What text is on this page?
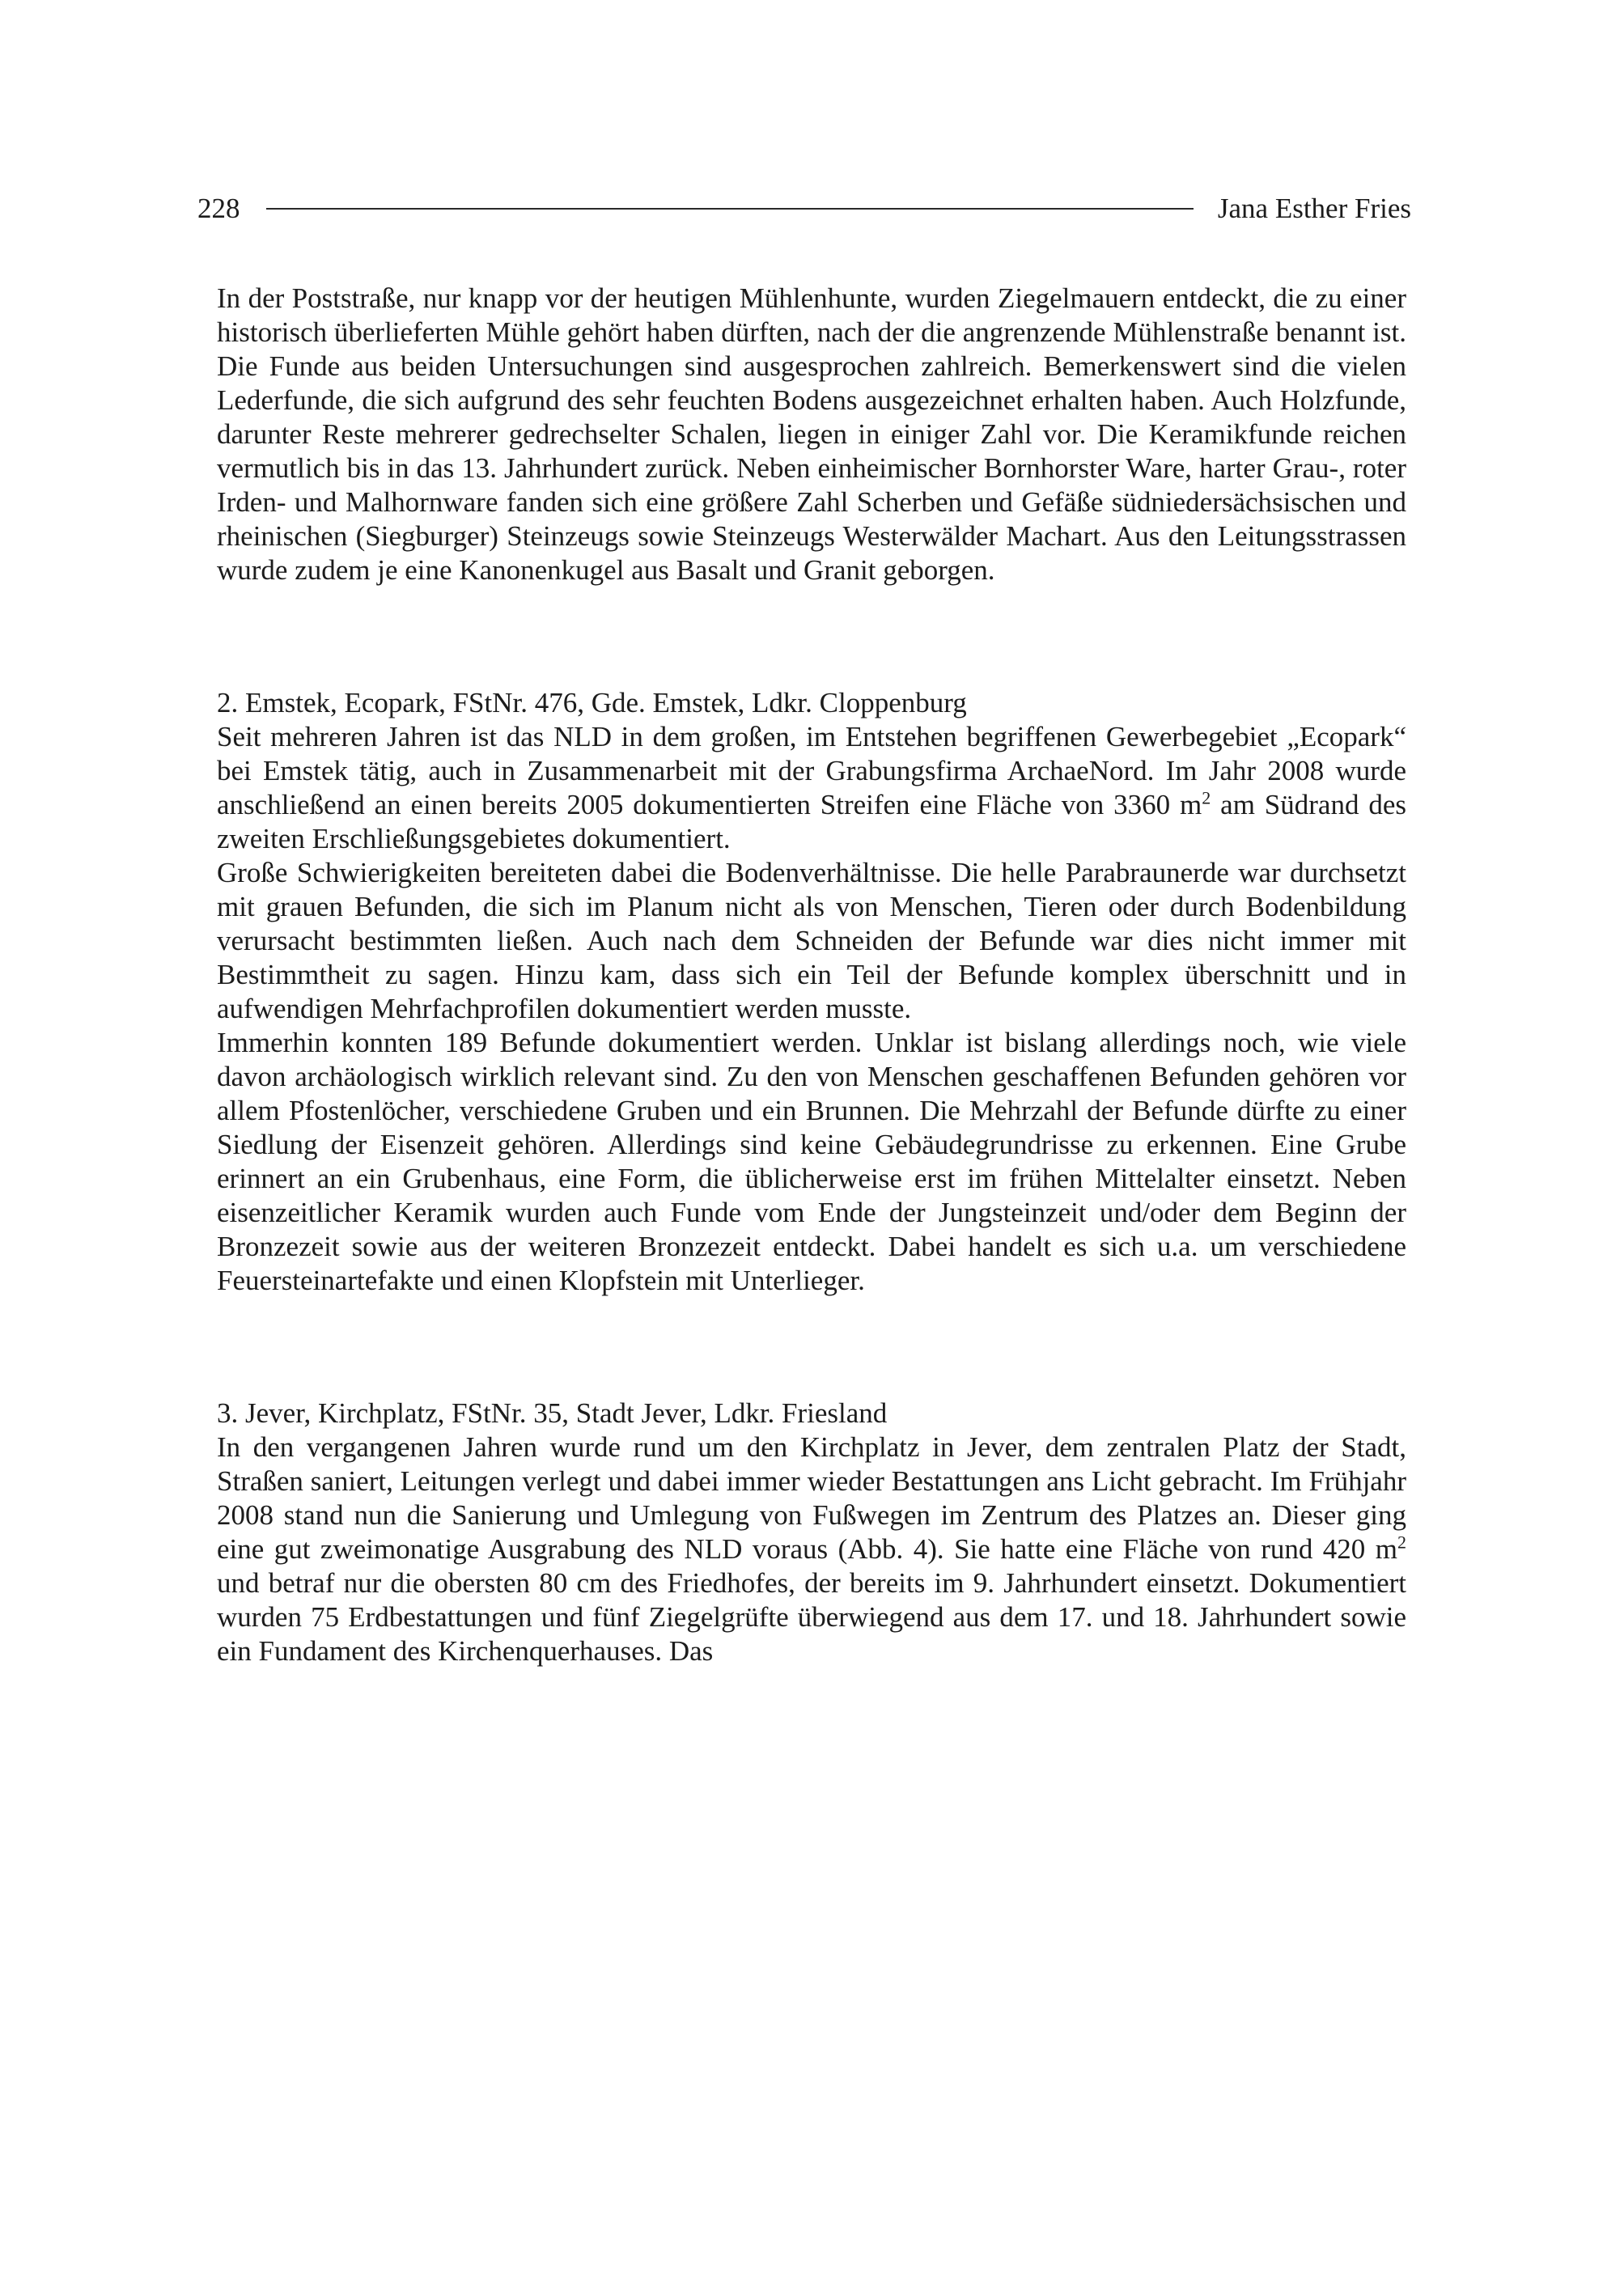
228	Jana Esther Fries

In der Poststraße, nur knapp vor der heutigen Mühlenhunte, wurden Ziegelmauern entdeckt, die zu einer historisch überlieferten Mühle gehört haben dürften, nach der die angrenzende Mühlenstraße benannt ist. Die Funde aus beiden Untersuchungen sind ausgesprochen zahlreich. Bemerkenswert sind die vielen Lederfunde, die sich aufgrund des sehr feuchten Bodens ausgezeichnet erhalten haben. Auch Holzfunde, darunter Reste mehrerer gedrechselter Schalen, liegen in einiger Zahl vor. Die Keramikfunde reichen vermutlich bis in das 13. Jahrhundert zurück. Neben einheimischer Bornhorster Ware, harter Grau-, roter Irden- und Malhornware fanden sich eine größere Zahl Scherben und Gefäße südniedersächsischen und rheinischen (Siegburger) Steinzeugs sowie Steinzeugs Westerwälder Machart. Aus den Leitungsstrassen wurde zudem je eine Kanonenkugel aus Basalt und Granit geborgen.

2. Emstek, Ecopark, FStNr. 476, Gde. Emstek, Ldkr. Cloppenburg

Seit mehreren Jahren ist das NLD in dem großen, im Entstehen begriffenen Gewerbegebiet „Ecopark“ bei Emstek tätig, auch in Zusammenarbeit mit der Grabungsfirma ArchaeNord. Im Jahr 2008 wurde anschließend an einen bereits 2005 dokumentierten Streifen eine Fläche von 3360 $m^2$ am Südrand des zweiten Erschließungsgebietes dokumentiert.

Große Schwierigkeiten bereiteten dabei die Bodenverhältnisse. Die helle Parabraunerde war durchsetzt mit grauen Befunden, die sich im Planum nicht als von Menschen, Tieren oder durch Bodenbildung verursacht bestimmten ließen. Auch nach dem Schneiden der Befunde war dies nicht immer mit Bestimmtheit zu sagen. Hinzu kam, dass sich ein Teil der Befunde komplex überschnitt und in aufwendigen Mehrfachprofilen dokumentiert werden musste.

Immerhin konnten 189 Befunde dokumentiert werden. Unklar ist bislang allerdings noch, wie viele davon archäologisch wirklich relevant sind. Zu den von Menschen geschaffenen Befunden gehören vor allem Pfostenlöcher, verschiedene Gruben und ein Brunnen. Die Mehrzahl der Befunde dürfte zu einer Siedlung der Eisenzeit gehören. Allerdings sind keine Gebäudegrundrisse zu erkennen. Eine Grube erinnert an ein Grubenhaus, eine Form, die üblicherweise erst im frühen Mittelalter einsetzt. Neben eisenzeitlicher Keramik wurden auch Funde vom Ende der Jungsteinzeit und/oder dem Beginn der Bronzezeit sowie aus der weiteren Bronzezeit entdeckt. Dabei handelt es sich u.a. um verschiedene Feuersteinartefakte und einen Klopfstein mit Unterlieger.

3. Jever, Kirchplatz, FStNr. 35, Stadt Jever, Ldkr. Friesland

In den vergangenen Jahren wurde rund um den Kirchplatz in Jever, dem zentralen Platz der Stadt, Straßen saniert, Leitungen verlegt und dabei immer wieder Bestattungen ans Licht gebracht. Im Frühjahr 2008 stand nun die Sanierung und Umlegung von Fußwegen im Zentrum des Platzes an. Dieser ging eine gut zweimonatige Ausgrabung des NLD voraus (Abb. 4). Sie hatte eine Fläche von rund 420 $m^2$ und betraf nur die obersten 80 cm des Friedhofes, der bereits im 9. Jahrhundert einsetzt. Dokumentiert wurden 75 Erdbestattungen und fünf Ziegelgrüfte überwiegend aus dem 17. und 18. Jahrhundert sowie ein Fundament des Kirchenquerhauses. Das
